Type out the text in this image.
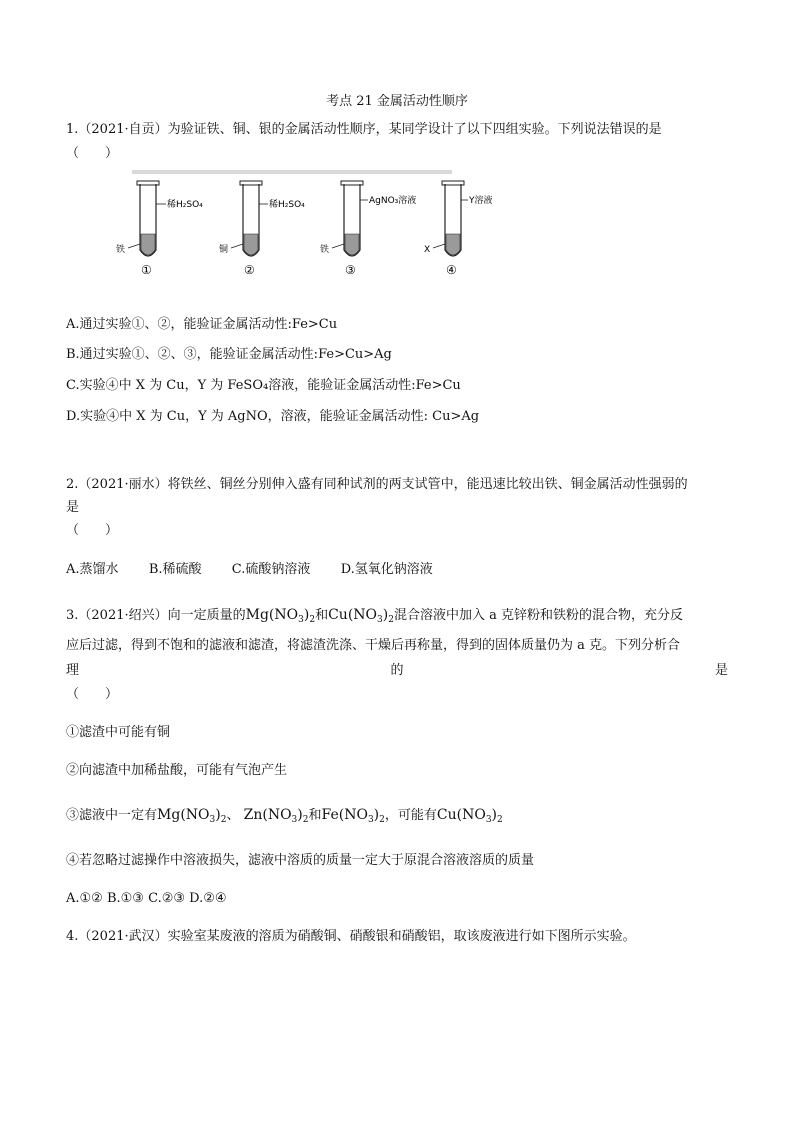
考点 21 金属活动性顺序
1.（2021·自贡）为验证铁、铜、银的金属活动性顺序，某同学设计了以下四组实验。下列说法错误的是
（　　）
稀H₂SO₄
铁
①
稀H₂SO₄
铜
②
AgNO₃溶液
铁
③
Y溶液
X
④
A.通过实验①、②，能验证金属活动性:Fe>Cu
B.通过实验①、②、③，能验证金属活动性:Fe>Cu>Ag
C.实验④中 X 为 Cu，Y 为 FeSO₄溶液，能验证金属活动性:Fe>Cu
D.实验④中 X 为 Cu，Y 为 AgNO，溶液，能验证金属活动性: Cu>Ag
2.（2021·丽水）将铁丝、铜丝分别伸入盛有同种试剂的两支试管中，能迅速比较出铁、铜金属活动性强弱的
是
（　　）
A.蒸馏水 B.稀硫酸 C.硫酸钠溶液 D.氢氧化钠溶液
3.（2021·绍兴）向一定质量的$Mg(NO_3)_2$和$Cu(NO_3)_2$混合溶液中加入 a 克锌粉和铁粉的混合物，充分反
应后过滤，得到不饱和的滤液和滤渣，将滤渣洗涤、干燥后再称量，得到的固体质量仍为 a 克。下列分析合
理	的	是
（　　）
①滤渣中可能有铜
②向滤渣中加稀盐酸，可能有气泡产生
③滤液中一定有$Mg(NO_3)_2$、 $Zn(NO_3)_2$和$Fe(NO_3)_2$，可能有$Cu(NO_3)_2$
④若忽略过滤操作中溶液损失，滤液中溶质的质量一定大于原混合溶液溶质的质量
A.①② B.①③ C.②③ D.②④
4.（2021·武汉）实验室某废液的溶质为硝酸铜、硝酸银和硝酸铝，取该废液进行如下图所示实验。
